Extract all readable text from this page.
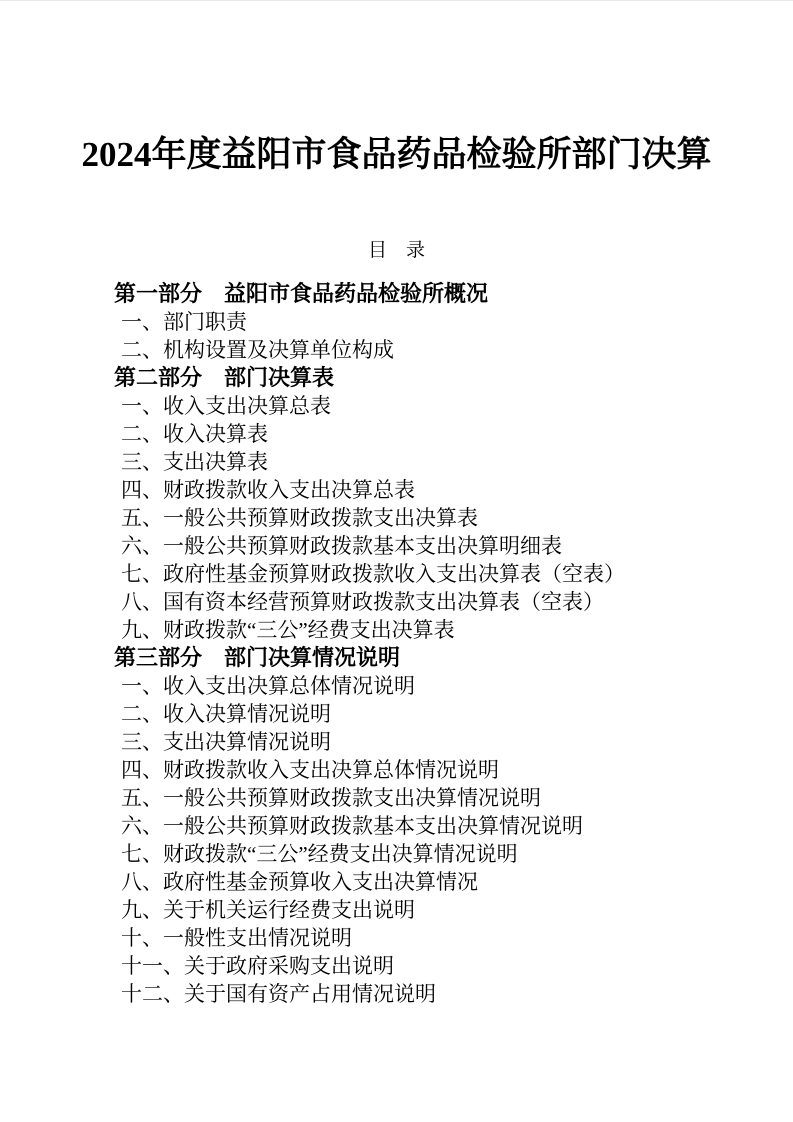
2024年度益阳市食品药品检验所部门决算
目　录
第一部分　益阳市食品药品检验所概况
一、部门职责
二、机构设置及决算单位构成
第二部分　部门决算表
一、收入支出决算总表
二、收入决算表
三、支出决算表
四、财政拨款收入支出决算总表
五、一般公共预算财政拨款支出决算表
六、一般公共预算财政拨款基本支出决算明细表
七、政府性基金预算财政拨款收入支出决算表（空表）
八、国有资本经营预算财政拨款支出决算表（空表）
九、财政拨款“三公”经费支出决算表
第三部分　部门决算情况说明
一、收入支出决算总体情况说明
二、收入决算情况说明
三、支出决算情况说明
四、财政拨款收入支出决算总体情况说明
五、一般公共预算财政拨款支出决算情况说明
六、一般公共预算财政拨款基本支出决算情况说明
七、财政拨款“三公”经费支出决算情况说明
八、政府性基金预算收入支出决算情况
九、关于机关运行经费支出说明
十、一般性支出情况说明
十一、关于政府采购支出说明
十二、关于国有资产占用情况说明
